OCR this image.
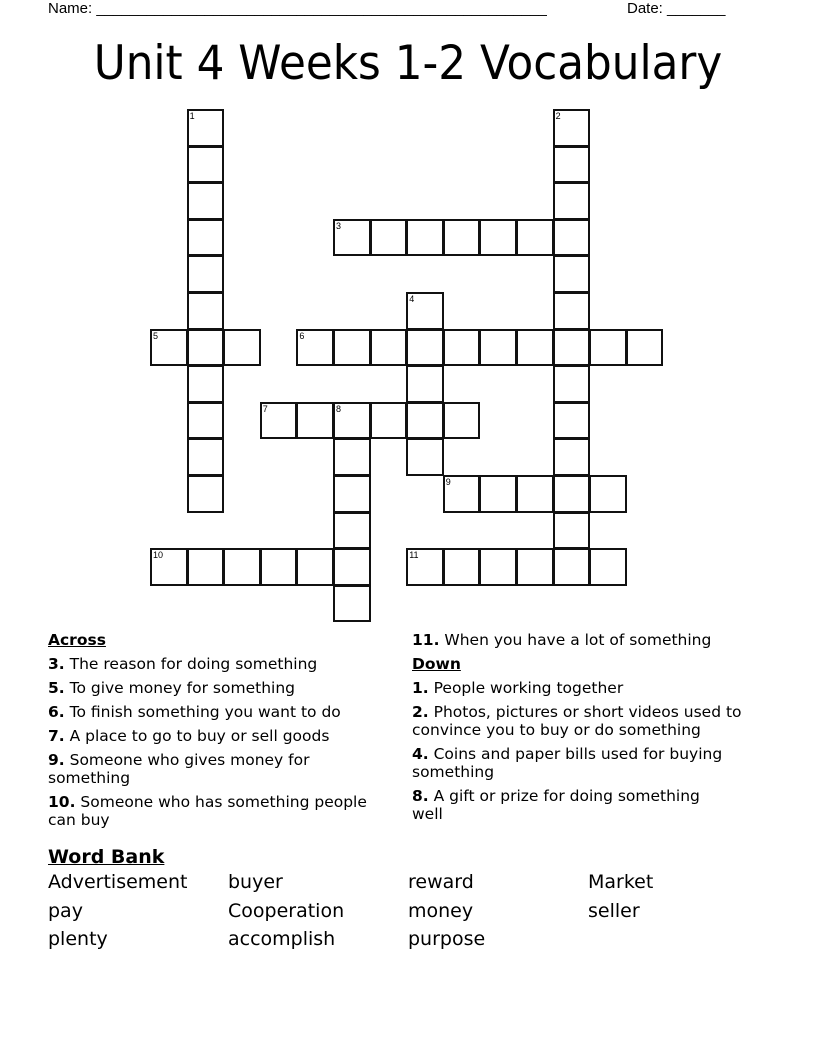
Name: ______________________________________________________	Date: _______
Unit 4 Weeks 1-2 Vocabulary
1	2
3
4
5	6
7	8
9
10	11
Across
3. The reason for doing something
5. To give money for something
6. To finish something you want to do
7. A place to go to buy or sell goods
9. Someone who gives money for something
10. Someone who has something people can buy
11. When you have a lot of something
Down
1. People working together
2. Photos, pictures or short videos used to convince you to buy or do something
4. Coins and paper bills used for buying something
8. A gift or prize for doing something well
Word Bank
Advertisement	buyer	reward	Market
pay	Cooperation	money	seller
plenty	accomplish	purpose
